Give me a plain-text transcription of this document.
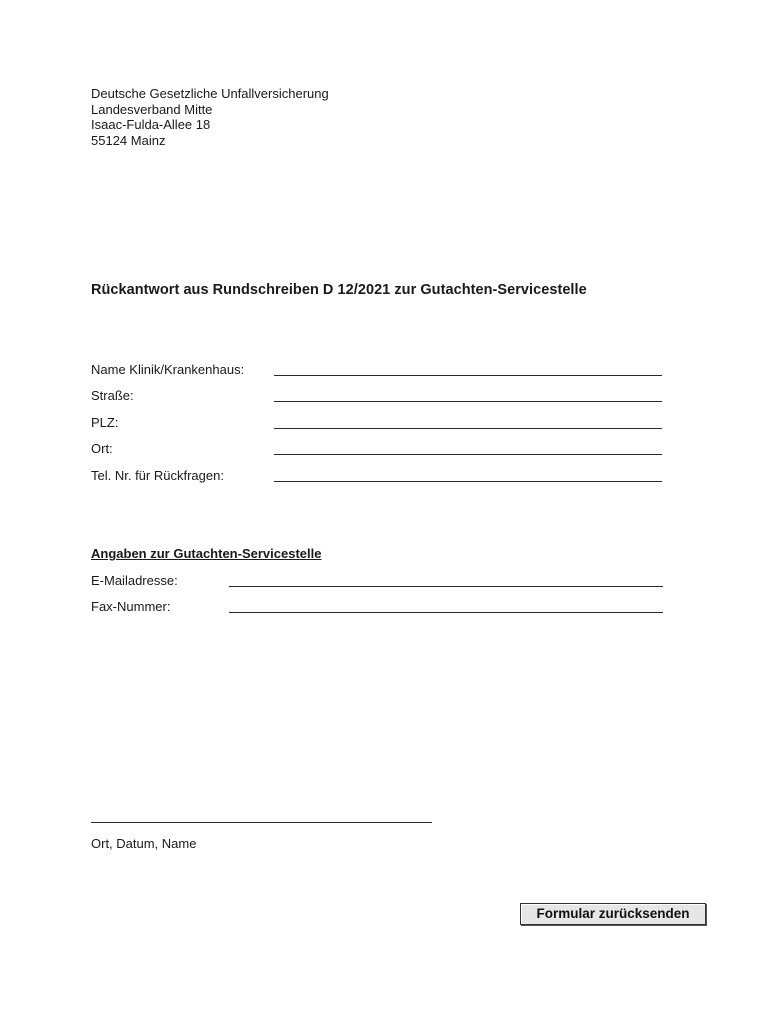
Deutsche Gesetzliche Unfallversicherung
Landesverband Mitte
Isaac-Fulda-Allee 18
55124 Mainz
Rückantwort aus Rundschreiben D 12/2021 zur Gutachten-Servicestelle
Name Klinik/Krankenhaus:
Straße:
PLZ:
Ort:
Tel. Nr. für Rückfragen:
Angaben zur Gutachten-Servicestelle
E-Mailadresse:
Fax-Nummer:
Ort, Datum, Name
Formular zurücksenden
